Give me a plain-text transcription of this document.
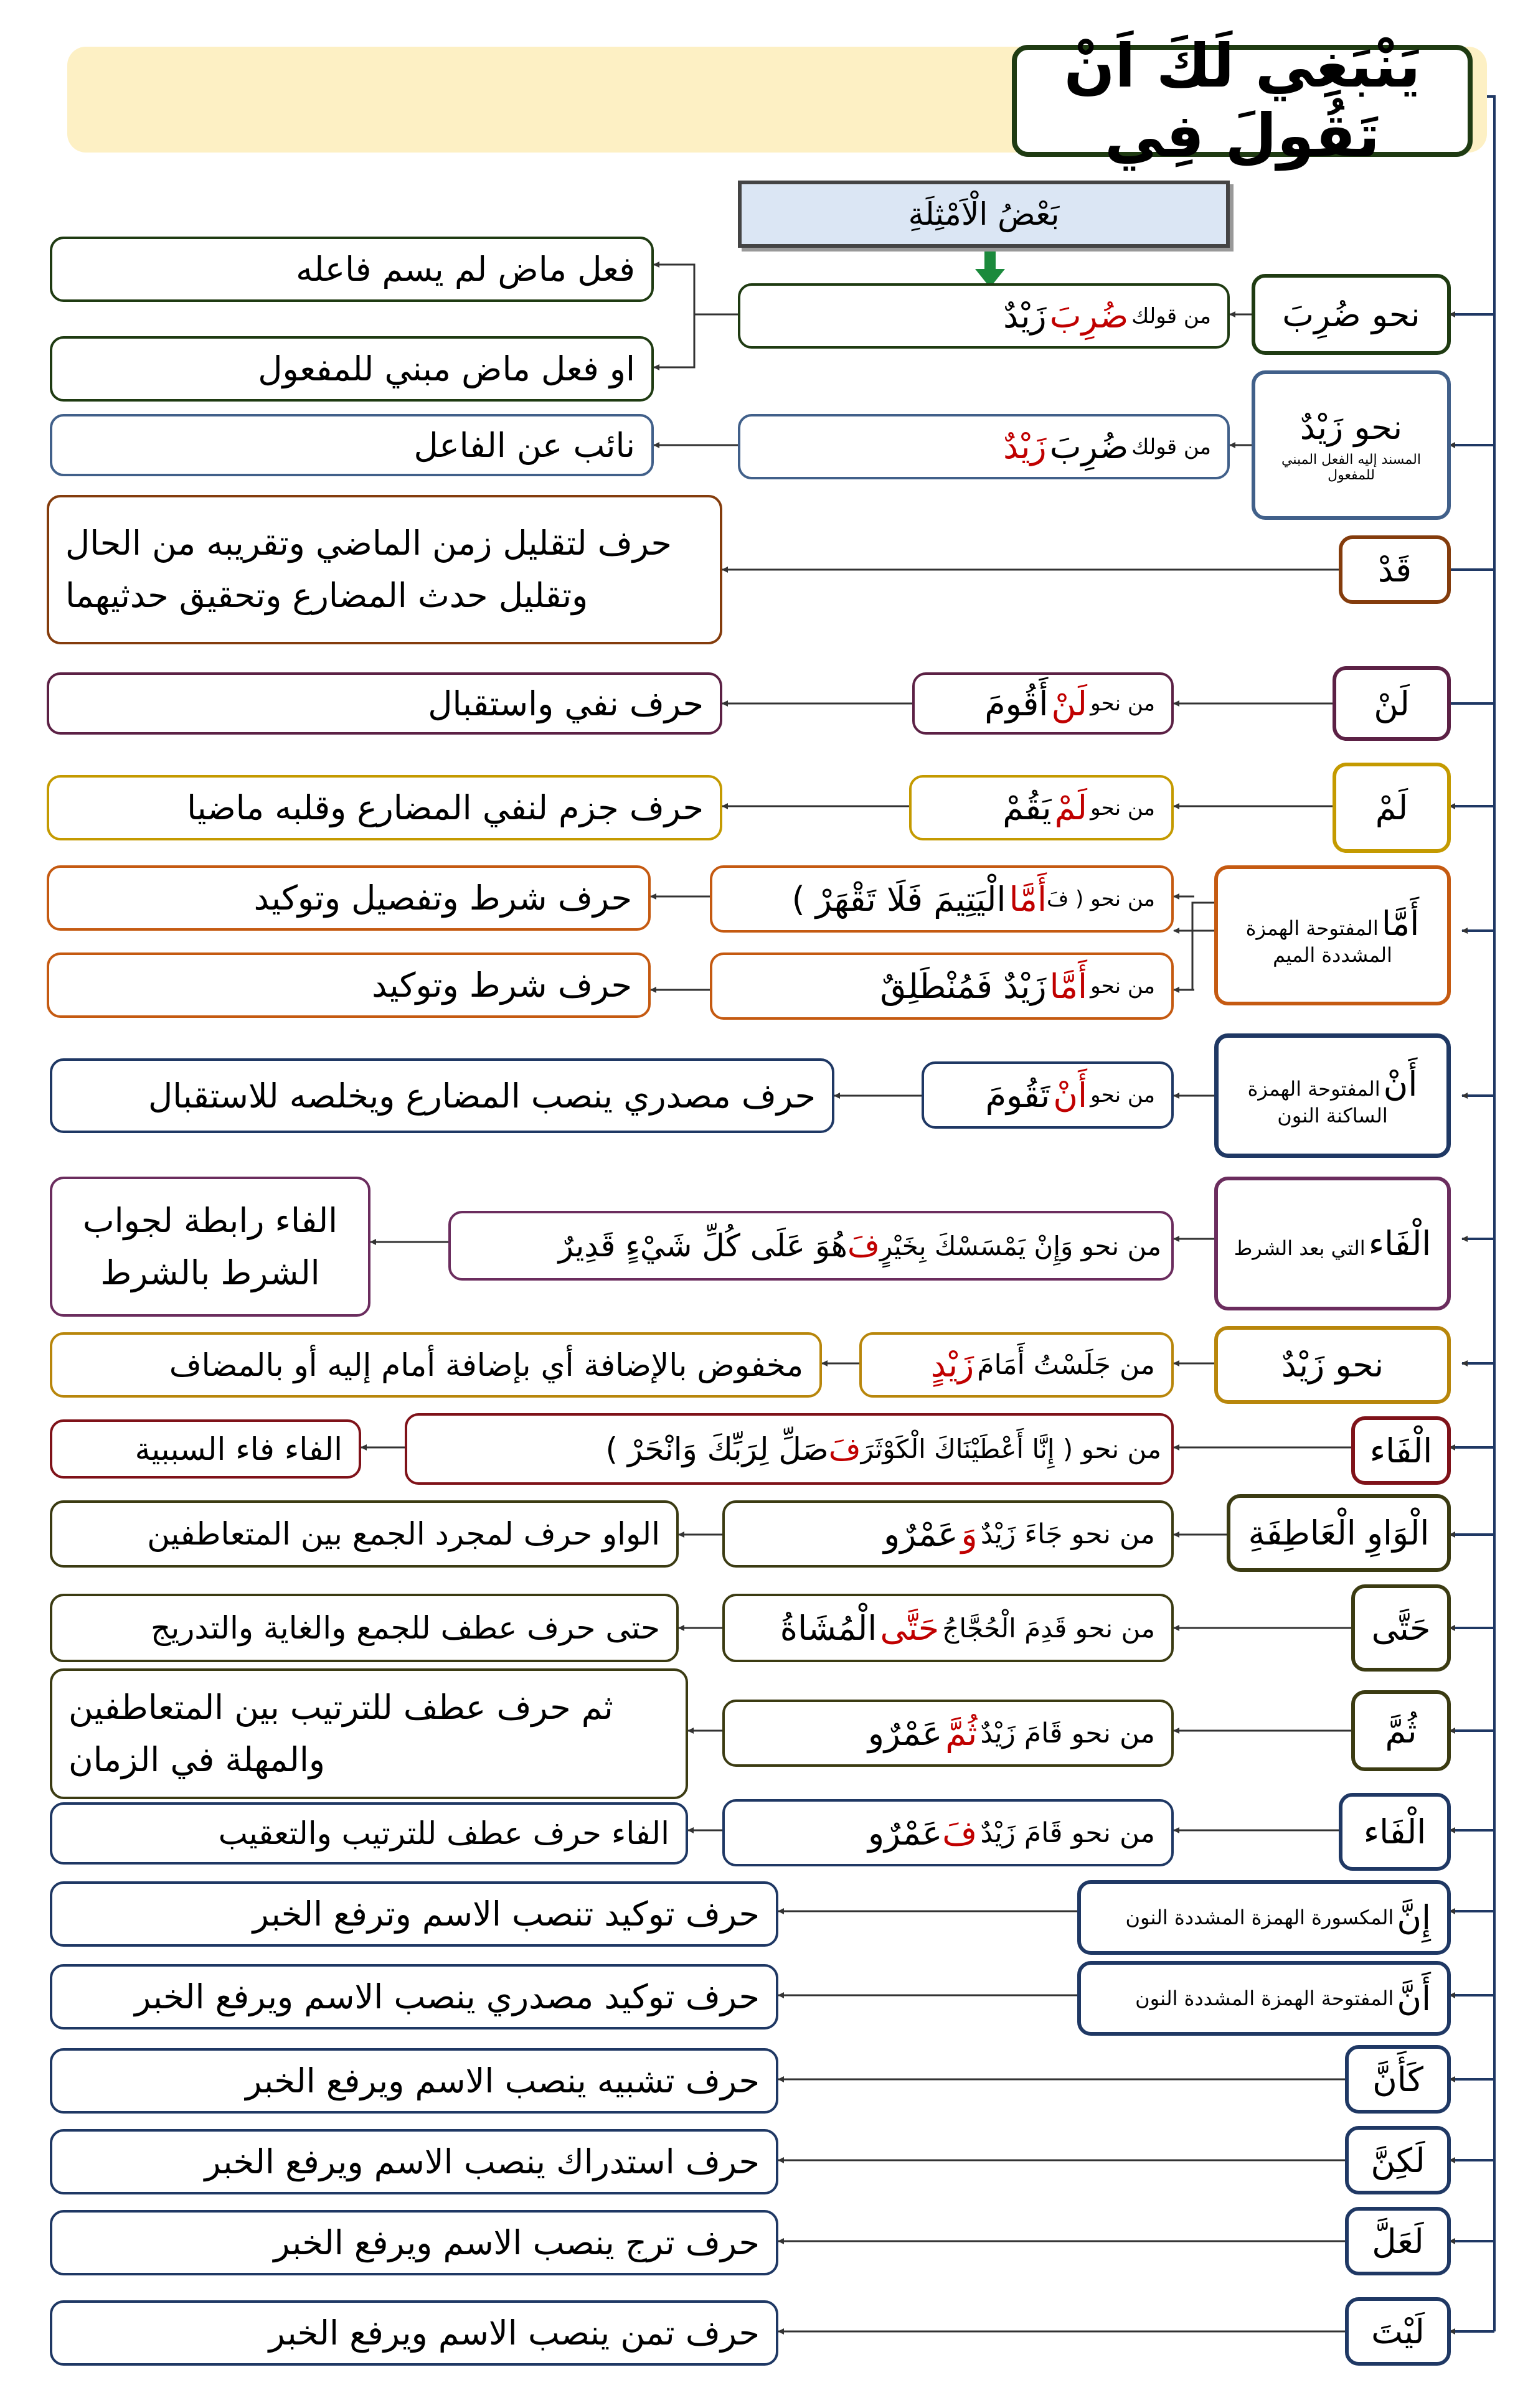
يَنْبَغِي لَكَ اَنْ تَقُولَ فِي
بَعْضُ الْاَمْثِلَةِ
نحو ضُرِبَ
من قولك

ضُرِبَ

زَيْدٌ
فعل ماض لم يسم فاعله
او فعل ماض مبني للمفعول
نحو زَيْدٌ
المسند إليه الفعل المبني للمفعول
من قولك

ضُرِبَ

زَيْدٌ
نائب عن الفاعل
قَدْ
حرف لتقليل زمن الماضي وتقريبه من الحال
وتقليل حدث المضارع وتحقيق حدثيهما
لَنْ
من نحو

لَنْ

أَقُومَ
حرف نفي واستقبال
لَمْ
من نحو

لَمْ

يَقُمْ
حرف جزم لنفي المضارع وقلبه ماضيا
أَمَّا المفتوحة الهمزة المشددة الميم
من نحو ( فَ
أَمَّا

الْيَتِيمَ فَلَا تَقْهَرْ )
من نحو

أَمَّا

زَيْدٌ فَمُنْطَلِقٌ
حرف شرط وتفصيل وتوكيد
حرف شرط وتوكيد
أَنْ المفتوحة الهمزة الساكنة النون
من نحو

أَنْ

تَقُومَ
حرف مصدري ينصب المضارع ويخلصه للاستقبال
الْفَاء التي بعد الشرط
من نحو وَإِنْ يَمْسَسْكَ بِخَيْرٍ
فَ
هُوَ عَلَى كُلِّ شَيْءٍ قَدِيرٌ
الفاء رابطة لجواب
الشرط بالشرط
نحو زَيْدٌ
من جَلَسْتُ أَمَامَ

زَيْدٍ
مخفوض بالإضافة أي بإضافة أمام إليه أو بالمضاف
الْفَاء
من نحو ( إِنَّا أَعْطَيْنَاكَ الْكَوْثَرَ
فَ
صَلِّ لِرَبِّكَ وَانْحَرْ )
الفاء فاء السببية
الْوَاوِ الْعَاطِفَةِ
من نحو جَاءَ زَيْدٌ

وَ

عَمْرٌو
الواو حرف لمجرد الجمع بين المتعاطفين
حَتَّى
من نحو قَدِمَ الْحُجَّاجُ

حَتَّى

الْمُشَاةُ
حتى حرف عطف للجمع والغاية والتدريج
ثُمَّ
من نحو قَامَ زَيْدٌ

ثُمَّ

عَمْرٌو
ثم حرف عطف للترتيب بين المتعاطفين
والمهلة في الزمان
الْفَاء
من نحو قَامَ زَيْدٌ

فَ
عَمْرٌو
الفاء حرف عطف للترتيب والتعقيب
إِنَّ

المكسورة الهمزة المشددة النون
حرف توكيد تنصب الاسم وترفع الخبر
أَنَّ

المفتوحة الهمزة المشددة النون
حرف توكيد مصدري ينصب الاسم ويرفع الخبر
كَأَنَّ
حرف تشبيه ينصب الاسم ويرفع الخبر
لَكِنَّ
حرف استدراك ينصب الاسم ويرفع الخبر
لَعَلَّ
حرف ترج ينصب الاسم ويرفع الخبر
لَيْتَ
حرف تمن ينصب الاسم ويرفع الخبر
